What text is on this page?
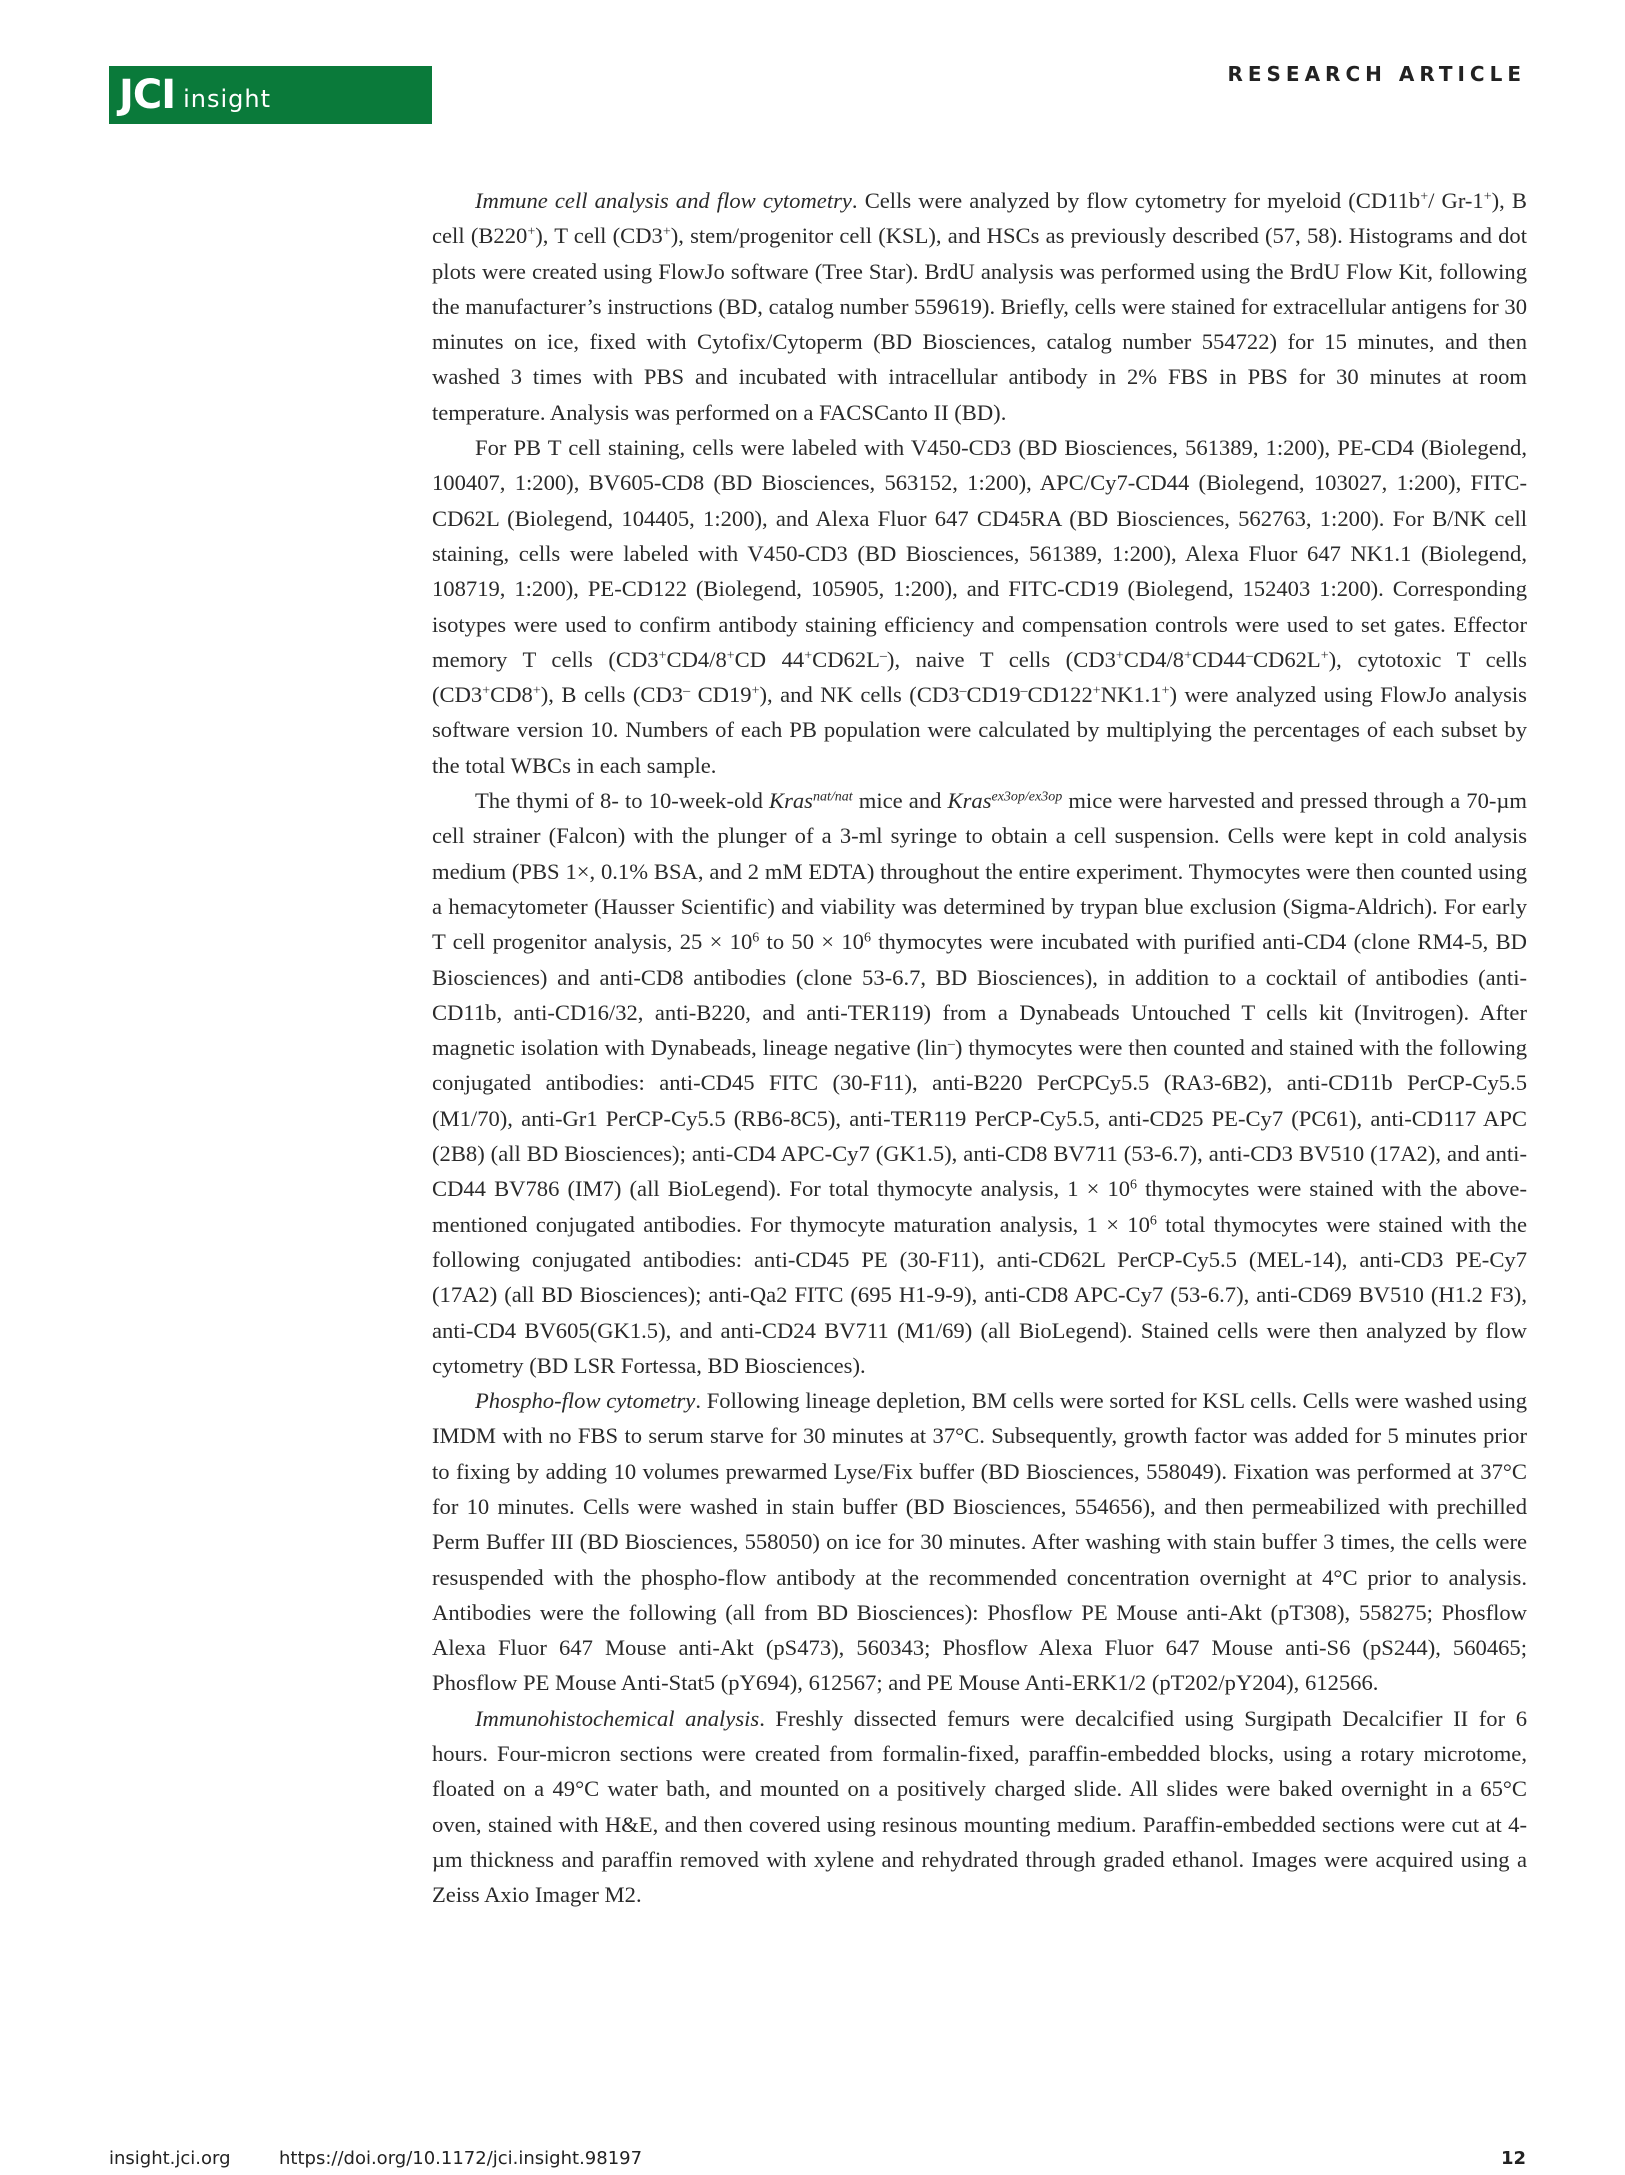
JCI insight
RESEARCH ARTICLE

Immune cell analysis and flow cytometry. Cells were analyzed by flow cytometry for myeloid (CD11b+/ Gr-1+), B cell (B220+), T cell (CD3+), stem/progenitor cell (KSL), and HSCs as previously described (57, 58). Histograms and dot plots were created using FlowJo software (Tree Star). BrdU analysis was performed using the BrdU Flow Kit, following the manufacturer’s instructions (BD, catalog number 559619). Briefly, cells were stained for extracellular antigens for 30 minutes on ice, fixed with Cytofix/Cytoperm (BD Biosciences, catalog number 554722) for 15 minutes, and then washed 3 times with PBS and incubated with intracellular antibody in 2% FBS in PBS for 30 minutes at room temperature. Analysis was performed on a FACSCanto II (BD).

For PB T cell staining, cells were labeled with V450-CD3 (BD Biosciences, 561389, 1:200), PE-CD4 (Biolegend, 100407, 1:200), BV605-CD8 (BD Biosciences, 563152, 1:200), APC/Cy7-CD44 (Biolegend, 103027, 1:200), FITC-CD62L (Biolegend, 104405, 1:200), and Alexa Fluor 647 CD45RA (BD Biosciences, 562763, 1:200). For B/NK cell staining, cells were labeled with V450-CD3 (BD Biosciences, 561389, 1:200), Alexa Fluor 647 NK1.1 (Biolegend, 108719, 1:200), PE-CD122 (Biolegend, 105905, 1:200), and FITC-CD19 (Biolegend, 152403 1:200). Corresponding isotypes were used to confirm antibody staining efficiency and compensation controls were used to set gates. Effector memory T cells (CD3+CD4/8+CD 44+CD62L–), naive T cells (CD3+CD4/8+CD44–CD62L+), cytotoxic T cells (CD3+CD8+), B cells (CD3– CD19+), and NK cells (CD3–CD19–CD122+NK1.1+) were analyzed using FlowJo analysis software version 10. Numbers of each PB population were calculated by multiplying the percentages of each subset by the total WBCs in each sample.

The thymi of 8- to 10-week-old Kras$^{nat/nat}$ mice and Kras$^{ex3op/ex3op}$ mice were harvested and pressed through a 70-µm cell strainer (Falcon) with the plunger of a 3-ml syringe to obtain a cell suspension. Cells were kept in cold analysis medium (PBS 1×, 0.1% BSA, and 2 mM EDTA) throughout the entire experiment. Thymocytes were then counted using a hemacytometer (Hausser Scientific) and viability was determined by trypan blue exclusion (Sigma-Aldrich). For early T cell progenitor analysis, $25 \times 10^6$ to $50 \times 10^6$ thymocytes were incubated with purified anti-CD4 (clone RM4-5, BD Biosciences) and anti-CD8 antibodies (clone 53-6.7, BD Biosciences), in addition to a cocktail of antibodies (anti-CD11b, anti-CD16/32, anti-B220, and anti-TER119) from a Dynabeads Untouched T cells kit (Invitrogen). After magnetic isolation with Dynabeads, lineage negative (lin–) thymocytes were then counted and stained with the following conjugated antibodies: anti-CD45 FITC (30-F11), anti-B220 PerCPCy5.5 (RA3-6B2), anti-CD11b PerCP-Cy5.5 (M1/70), anti-Gr1 PerCP-Cy5.5 (RB6-8C5), anti-TER119 PerCP-Cy5.5, anti-CD25 PE-Cy7 (PC61), anti-CD117 APC (2B8) (all BD Biosciences); anti-CD4 APC-Cy7 (GK1.5), anti-CD8 BV711 (53-6.7), anti-CD3 BV510 (17A2), and anti-CD44 BV786 (IM7) (all BioLegend). For total thymocyte analysis, $1 \times 10^6$ thymocytes were stained with the above-mentioned conjugated antibodies. For thymocyte maturation analysis, $1 \times 10^6$ total thymocytes were stained with the following conjugated antibodies: anti-CD45 PE (30-F11), anti-CD62L PerCP-Cy5.5 (MEL-14), anti-CD3 PE-Cy7 (17A2) (all BD Biosciences); anti-Qa2 FITC (695 H1-9-9), anti-CD8 APC-Cy7 (53-6.7), anti-CD69 BV510 (H1.2 F3), anti-CD4 BV605(GK1.5), and anti-CD24 BV711 (M1/69) (all BioLegend). Stained cells were then analyzed by flow cytometry (BD LSR Fortessa, BD Biosciences).

Phospho-flow cytometry. Following lineage depletion, BM cells were sorted for KSL cells. Cells were washed using IMDM with no FBS to serum starve for 30 minutes at 37°C. Subsequently, growth factor was added for 5 minutes prior to fixing by adding 10 volumes prewarmed Lyse/Fix buffer (BD Biosciences, 558049). Fixation was performed at 37°C for 10 minutes. Cells were washed in stain buffer (BD Biosciences, 554656), and then permeabilized with prechilled Perm Buffer III (BD Biosciences, 558050) on ice for 30 minutes. After washing with stain buffer 3 times, the cells were resuspended with the phospho-flow antibody at the recommended concentration overnight at 4°C prior to analysis. Antibodies were the following (all from BD Biosciences): Phosflow PE Mouse anti-Akt (pT308), 558275; Phosflow Alexa Fluor 647 Mouse anti-Akt (pS473), 560343; Phosflow Alexa Fluor 647 Mouse anti-S6 (pS244), 560465; Phosflow PE Mouse Anti-Stat5 (pY694), 612567; and PE Mouse Anti-ERK1/2 (pT202/pY204), 612566.

Immunohistochemical analysis. Freshly dissected femurs were decalcified using Surgipath Decalcifier II for 6 hours. Four-micron sections were created from formalin-fixed, paraffin-embedded blocks, using a rotary microtome, floated on a 49°C water bath, and mounted on a positively charged slide. All slides were baked overnight in a 65°C oven, stained with H&E, and then covered using resinous mounting medium. Paraffin-embedded sections were cut at 4-µm thickness and paraffin removed with xylene and rehydrated through graded ethanol. Images were acquired using a Zeiss Axio Imager M2.

insight.jci.org	https://doi.org/10.1172/jci.insight.98197	12
